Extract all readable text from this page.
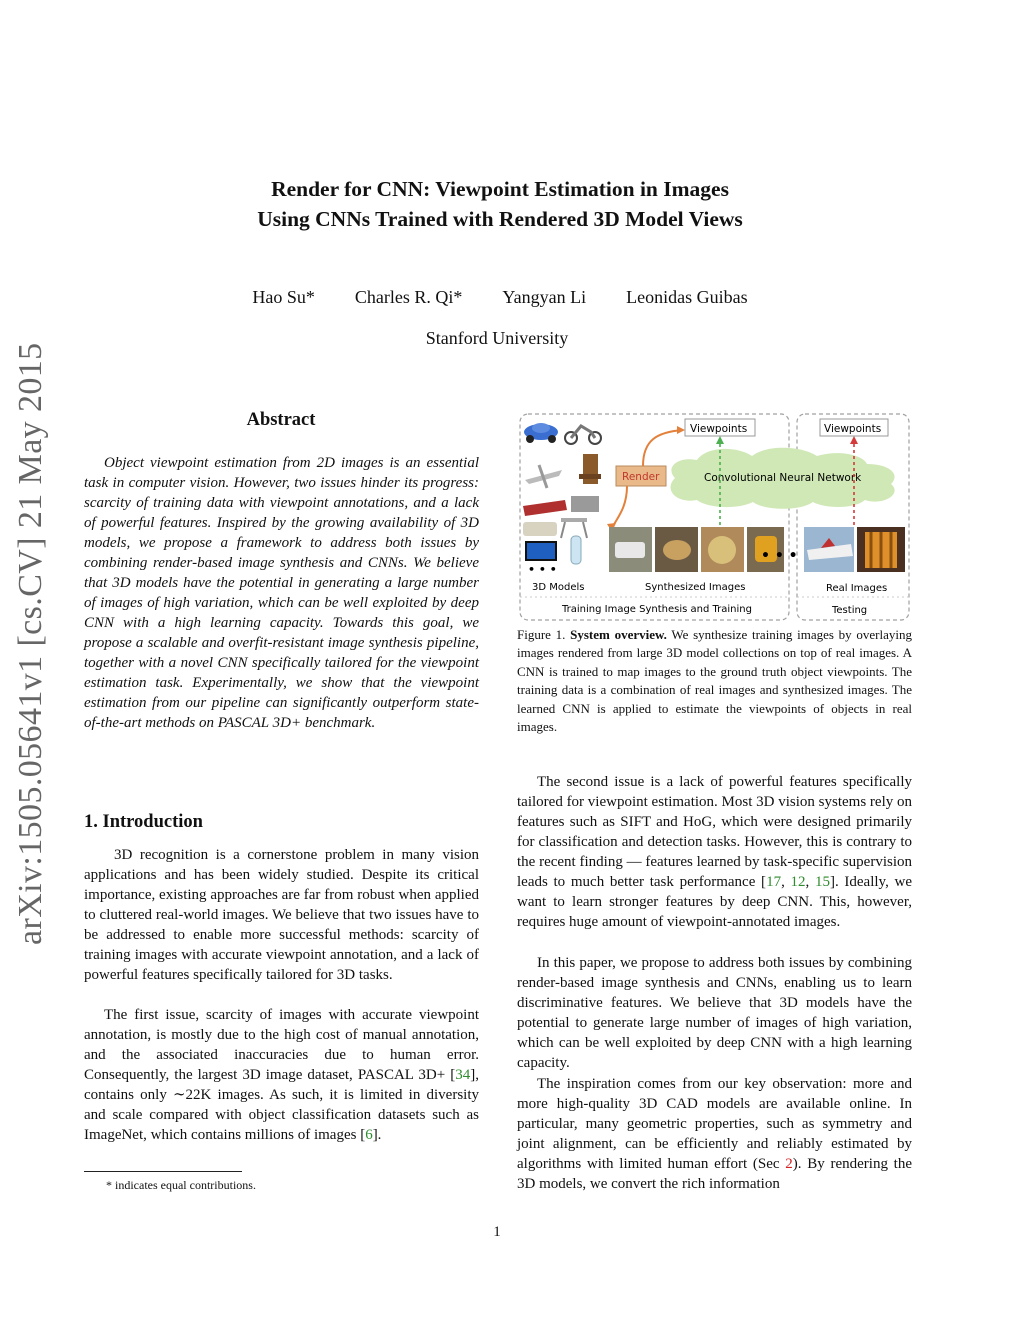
Render for CNN: Viewpoint Estimation in Images
Using CNNs Trained with Rendered 3D Model Views
Hao Su* Charles R. Qi* Yangyan Li Leonidas Guibas
Stanford University
arXiv:1505.05641v1 [cs.CV] 21 May 2015	Abstract

Object viewpoint estimation from 2D images is an essential task in computer vision. However, two issues hinder its progress: scarcity of training data with viewpoint annotations, and a lack of powerful features. Inspired by the growing availability of 3D models, we propose a framework to address both issues by combining render-based image synthesis and CNNs. We believe that 3D models have the potential in generating a large number of images of high variation, which can be well exploited by deep CNN with a high learning capacity. Towards this goal, we propose a scalable and overfit-resistant image synthesis pipeline, together with a novel CNN specifically tailored for the viewpoint estimation task. Experimentally, we show that the viewpoint estimation from our pipeline can significantly outperform state-of-the-art methods on PASCAL 3D+ benchmark.

1. Introduction

3D recognition is a cornerstone problem in many vision applications and has been widely studied. Despite its critical importance, existing approaches are far from robust when applied to cluttered real-world images. We believe that two issues have to be addressed to enable more successful methods: scarcity of training images with accurate viewpoint annotation, and a lack of powerful features specifically tailored for 3D tasks.

The first issue, scarcity of images with accurate viewpoint annotation, is mostly due to the high cost of manual annotation, and the associated inaccuracies due to human error. Consequently, the largest 3D image dataset, PASCAL 3D+ [34], contains only ∼22K images. As such, it is limited in diversity and scale compared with object classification datasets such as ImageNet, which contains millions of images [6].

* indicates equal contributions.
• • •
3D Models
Render
Viewpoints	Viewpoints
Convolutional Neural Network
• • •
Synthesized Images	Real Images
Training Image Synthesis and Training	Testing

Figure 1. System overview. We synthesize training images by overlaying images rendered from large 3D model collections on top of real images. A CNN is trained to map images to the ground truth object viewpoints. The training data is a combination of real images and synthesized images. The learned CNN is applied to estimate the viewpoints of objects in real images.

The second issue is a lack of powerful features specifically tailored for viewpoint estimation. Most 3D vision systems rely on features such as SIFT and HoG, which were designed primarily for classification and detection tasks. However, this is contrary to the recent finding — features learned by task-specific supervision leads to much better task performance [17, 12, 15]. Ideally, we want to learn stronger features by deep CNN. This, however, requires huge amount of viewpoint-annotated images.

In this paper, we propose to address both issues by combining render-based image synthesis and CNNs, enabling us to learn discriminative features. We believe that 3D models have the potential to generate large number of images of high variation, which can be well exploited by deep CNN with a high learning capacity.

The inspiration comes from our key observation: more and more high-quality 3D CAD models are available online. In particular, many geometric properties, such as symmetry and joint alignment, can be efficiently and reliably estimated by algorithms with limited human effort (Sec 2). By rendering the 3D models, we convert the rich information

1
